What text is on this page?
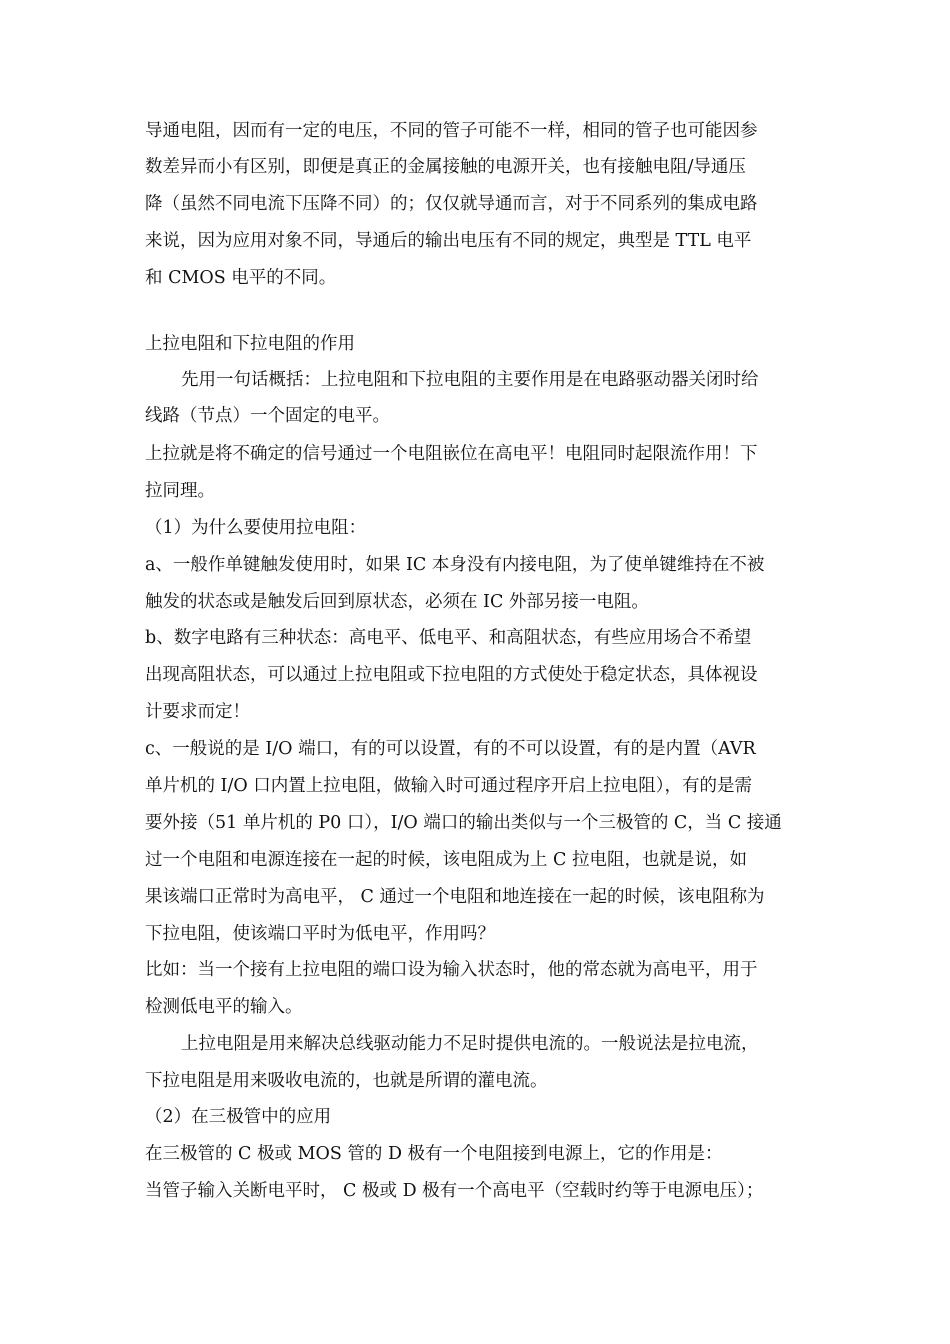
导通电阻，因而有一定的电压，不同的管子可能不一样，相同的管子也可能因参
数差异而小有区别，即便是真正的金属接触的电源开关，也有接触电阻/导通压
降（虽然不同电流下压降不同）的；仅仅就导通而言，对于不同系列的集成电路
来说，因为应用对象不同，导通后的输出电压有不同的规定，典型是 TTL 电平
和 CMOS 电平的不同。
上拉电阻和下拉电阻的作用
先用一句话概括：上拉电阻和下拉电阻的主要作用是在电路驱动器关闭时给
线路（节点）一个固定的电平。
上拉就是将不确定的信号通过一个电阻嵌位在高电平！电阻同时起限流作用！下
拉同理。
（1）为什么要使用拉电阻：
a、一般作单键触发使用时，如果 IC 本身没有内接电阻，为了使单键维持在不被
触发的状态或是触发后回到原状态，必须在 IC 外部另接一电阻。
b、数字电路有三种状态：高电平、低电平、和高阻状态，有些应用场合不希望
出现高阻状态，可以通过上拉电阻或下拉电阻的方式使处于稳定状态，具体视设
计要求而定！
c、一般说的是 I/O 端口，有的可以设置，有的不可以设置，有的是内置（AVR
单片机的 I/O 口内置上拉电阻，做输入时可通过程序开启上拉电阻），有的是需
要外接（51 单片机的 P0 口），I/O 端口的输出类似与一个三极管的 C，当 C 接通
过一个电阻和电源连接在一起的时候，该电阻成为上 C 拉电阻，也就是说，如
果该端口正常时为高电平， C 通过一个电阻和地连接在一起的时候，该电阻称为
下拉电阻，使该端口平时为低电平，作用吗？
比如：当一个接有上拉电阻的端口设为输入状态时，他的常态就为高电平，用于
检测低电平的输入。
上拉电阻是用来解决总线驱动能力不足时提供电流的。一般说法是拉电流，
下拉电阻是用来吸收电流的，也就是所谓的灌电流。
（2）在三极管中的应用
在三极管的 C 极或 MOS 管的 D 极有一个电阻接到电源上，它的作用是：
当管子输入关断电平时， C 极或 D 极有一个高电平（空载时约等于电源电压）；
